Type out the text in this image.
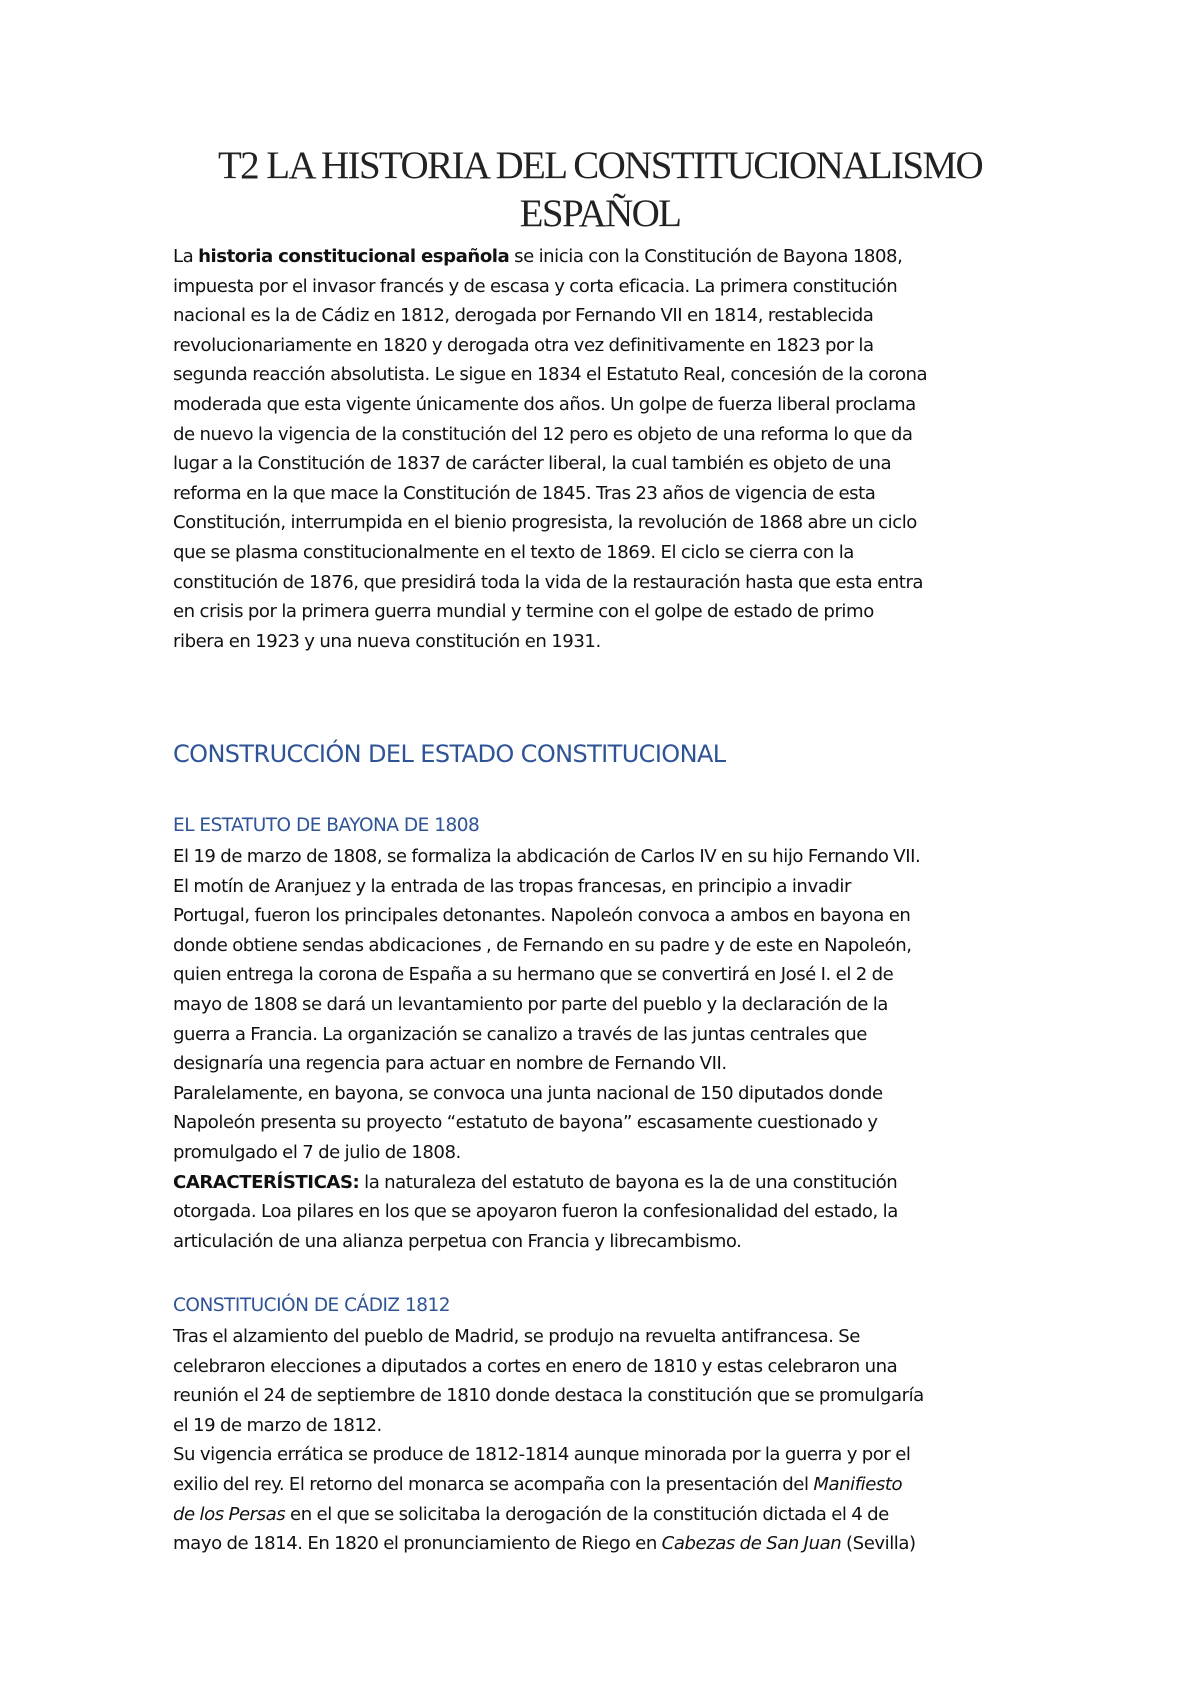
T2 LA HISTORIA DEL CONSTITUCIONALISMO
ESPAÑOL
La historia constitucional española se inicia con la Constitución de Bayona 1808,
impuesta por el invasor francés y de escasa y corta eficacia. La primera constitución
nacional es la de Cádiz en 1812, derogada por Fernando VII en 1814, restablecida
revolucionariamente en 1820 y derogada otra vez definitivamente en 1823 por la
segunda reacción absolutista. Le sigue en 1834 el Estatuto Real, concesión de la corona
moderada que esta vigente únicamente dos años. Un golpe de fuerza liberal proclama
de nuevo la vigencia de la constitución del 12 pero es objeto de una reforma lo que da
lugar a la Constitución de 1837 de carácter liberal, la cual también es objeto de una
reforma en la que mace la Constitución de 1845. Tras 23 años de vigencia de esta
Constitución, interrumpida en el bienio progresista, la revolución de 1868 abre un ciclo
que se plasma constitucionalmente en el texto de 1869. El ciclo se cierra con la
constitución de 1876, que presidirá toda la vida de la restauración hasta que esta entra
en crisis por la primera guerra mundial y termine con el golpe de estado de primo
ribera en 1923 y una nueva constitución en 1931.
CONSTRUCCIÓN DEL ESTADO CONSTITUCIONAL
EL ESTATUTO DE BAYONA DE 1808
El 19 de marzo de 1808, se formaliza la abdicación de Carlos IV en su hijo Fernando VII.
El motín de Aranjuez y la entrada de las tropas francesas, en principio a invadir
Portugal, fueron los principales detonantes. Napoleón convoca a ambos en bayona en
donde obtiene sendas abdicaciones , de Fernando en su padre y de este en Napoleón,
quien entrega la corona de España a su hermano que se convertirá en José I. el 2 de
mayo de 1808 se dará un levantamiento por parte del pueblo y la declaración de la
guerra a Francia. La organización se canalizo a través de las juntas centrales que
designaría una regencia para actuar en nombre de Fernando VII.
Paralelamente, en bayona, se convoca una junta nacional de 150 diputados donde
Napoleón presenta su proyecto “estatuto de bayona” escasamente cuestionado y
promulgado el 7 de julio de 1808.
CARACTERÍSTICAS: la naturaleza del estatuto de bayona es la de una constitución
otorgada. Loa pilares en los que se apoyaron fueron la confesionalidad del estado, la
articulación de una alianza perpetua con Francia y librecambismo.
CONSTITUCIÓN DE CÁDIZ 1812
Tras el alzamiento del pueblo de Madrid, se produjo na revuelta antifrancesa. Se
celebraron elecciones a diputados a cortes en enero de 1810 y estas celebraron una
reunión el 24 de septiembre de 1810 donde destaca la constitución que se promulgaría
el 19 de marzo de 1812.
Su vigencia errática se produce de 1812-1814 aunque minorada por la guerra y por el
exilio del rey. El retorno del monarca se acompaña con la presentación del Manifiesto
de los Persas en el que se solicitaba la derogación de la constitución dictada el 4 de
mayo de 1814. En 1820 el pronunciamiento de Riego en Cabezas de San Juan (Sevilla)
